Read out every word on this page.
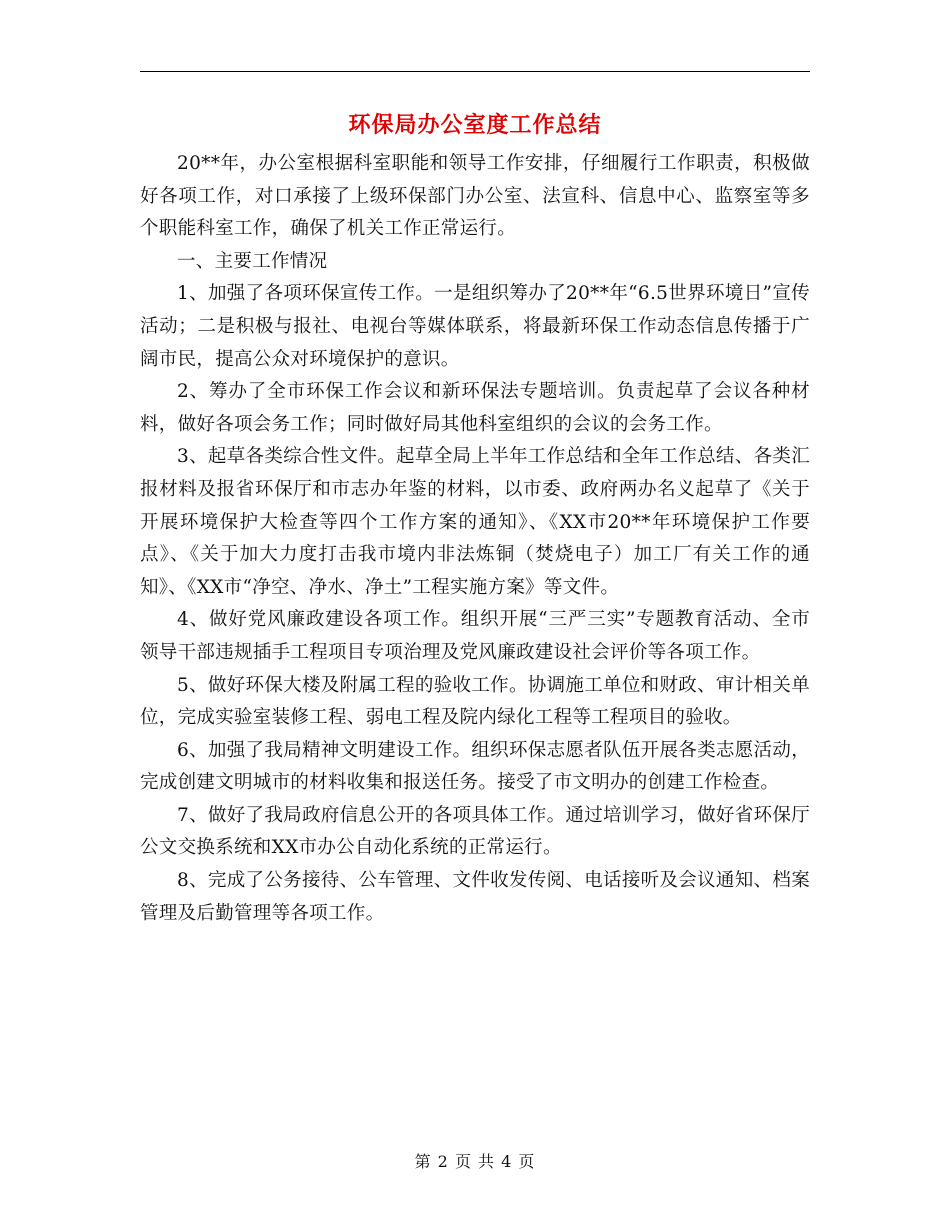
环保局办公室度工作总结

20**年，办公室根据科室职能和领导工作安排，仔细履行工作职责，积极做好各项工作，对口承接了上级环保部门办公室、法宣科、信息中心、监察室等多个职能科室工作，确保了机关工作正常运行。

一、主要工作情况

1、加强了各项环保宣传工作。一是组织筹办了20**年“6.5世界环境日”宣传活动；二是积极与报社、电视台等媒体联系，将最新环保工作动态信息传播于广阔市民，提高公众对环境保护的意识。

2、筹办了全市环保工作会议和新环保法专题培训。负责起草了会议各种材料，做好各项会务工作；同时做好局其他科室组织的会议的会务工作。

3、起草各类综合性文件。起草全局上半年工作总结和全年工作总结、各类汇报材料及报省环保厅和市志办年鉴的材料，以市委、政府两办名义起草了《关于开展环境保护大检查等四个工作方案的通知》、《XX市20**年环境保护工作要点》、《关于加大力度打击我市境内非法炼铜（焚烧电子）加工厂有关工作的通知》、《XX市“净空、净水、净土”工程实施方案》等文件。

4、做好党风廉政建设各项工作。组织开展“三严三实”专题教育活动、全市领导干部违规插手工程项目专项治理及党风廉政建设社会评价等各项工作。

5、做好环保大楼及附属工程的验收工作。协调施工单位和财政、审计相关单位，完成实验室装修工程、弱电工程及院内绿化工程等工程项目的验收。

6、加强了我局精神文明建设工作。组织环保志愿者队伍开展各类志愿活动，完成创建文明城市的材料收集和报送任务。接受了市文明办的创建工作检查。

7、做好了我局政府信息公开的各项具体工作。通过培训学习，做好省环保厅公文交换系统和XX市办公自动化系统的正常运行。

8、完成了公务接待、公车管理、文件收发传阅、电话接听及会议通知、档案管理及后勤管理等各项工作。

第 2 页 共 4 页
